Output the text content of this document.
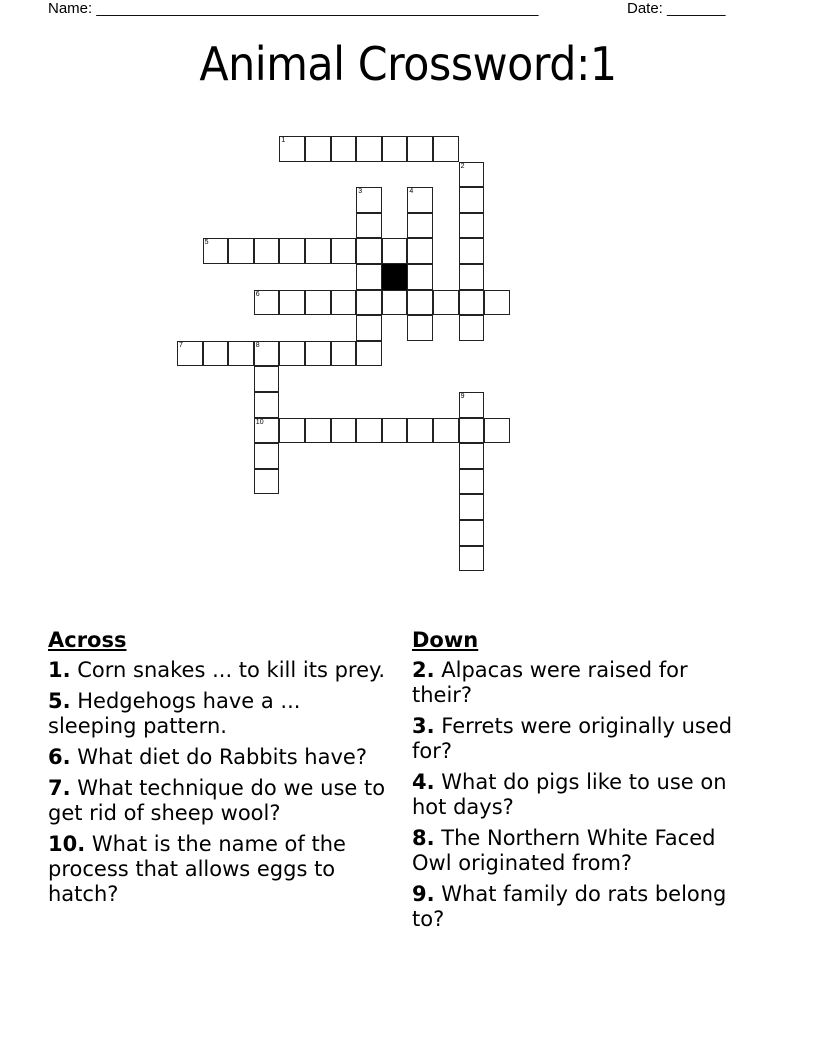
Name: _____________________________________________________	Date: _______
Animal Crossword:1
1
2
3	4
5
6
7	8
10
9
Across
1. Corn snakes ... to kill its prey.
5. Hedgehogs have a ... sleeping pattern.
6. What diet do Rabbits have?
7. What technique do we use to get rid of sheep wool?
10. What is the name of the process that allows eggs to hatch?
Down
2. Alpacas were raised for their?
3. Ferrets were originally used for?
4. What do pigs like to use on hot days?
8. The Northern White Faced Owl originated from?
9. What family do rats belong to?
